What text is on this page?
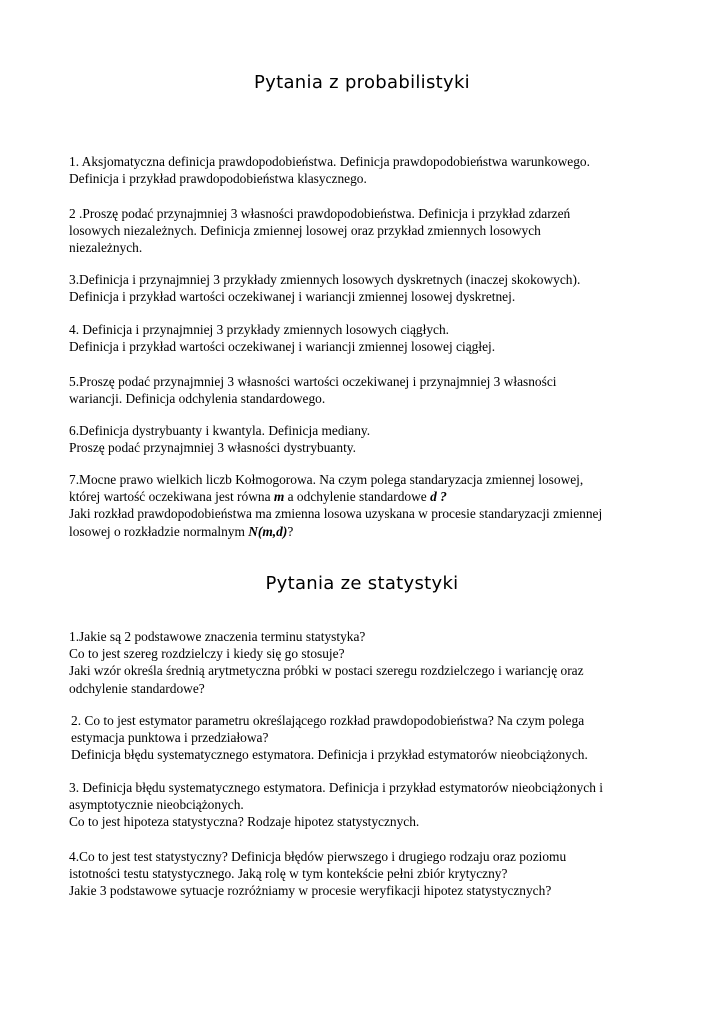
Pytania z probabilistyki

1. Aksjomatyczna definicja prawdopodobieństwa. Definicja prawdopodobieństwa warunkowego.
Definicja i przykład prawdopodobieństwa klasycznego.

2 .Proszę podać przynajmniej 3 własności prawdopodobieństwa. Definicja i przykład zdarzeń
losowych niezależnych. Definicja zmiennej losowej oraz przykład zmiennych losowych
niezależnych.

3.Definicja i przynajmniej 3 przykłady zmiennych losowych dyskretnych (inaczej skokowych).
Definicja i przykład wartości oczekiwanej i wariancji zmiennej losowej dyskretnej.

4. Definicja i przynajmniej 3 przykłady zmiennych losowych ciągłych.
Definicja i przykład wartości oczekiwanej i wariancji zmiennej losowej ciągłej.

5.Proszę podać przynajmniej 3 własności wartości oczekiwanej i przynajmniej 3 własności
wariancji. Definicja odchylenia standardowego.

6.Definicja dystrybuanty i kwantyla. Definicja mediany.
Proszę podać przynajmniej 3 własności dystrybuanty.

7.Mocne prawo wielkich liczb Kołmogorowa. Na czym polega standaryzacja zmiennej losowej,
której wartość oczekiwana jest równa m a odchylenie standardowe d ?
Jaki rozkład prawdopodobieństwa ma zmienna losowa uzyskana w procesie standaryzacji zmiennej
losowej o rozkładzie normalnym N(m,d)?

Pytania ze statystyki

1.Jakie są 2 podstawowe znaczenia terminu statystyka?
Co to jest szereg rozdzielczy i kiedy się go stosuje?
Jaki wzór określa średnią arytmetyczna próbki w postaci szeregu rozdzielczego i wariancję oraz
odchylenie standardowe?

2. Co to jest estymator parametru określającego rozkład prawdopodobieństwa? Na czym polega
estymacja punktowa i przedziałowa?
Definicja błędu systematycznego estymatora. Definicja i przykład estymatorów nieobciążonych.

3. Definicja błędu systematycznego estymatora. Definicja i przykład estymatorów nieobciążonych i
asymptotycznie nieobciążonych.
Co to jest hipoteza statystyczna? Rodzaje hipotez statystycznych.

4.Co to jest test statystyczny? Definicja błędów pierwszego i drugiego rodzaju oraz poziomu
istotności testu statystycznego. Jaką rolę w tym kontekście pełni zbiór krytyczny?
Jakie 3 podstawowe sytuacje rozróżniamy w procesie weryfikacji hipotez statystycznych?
